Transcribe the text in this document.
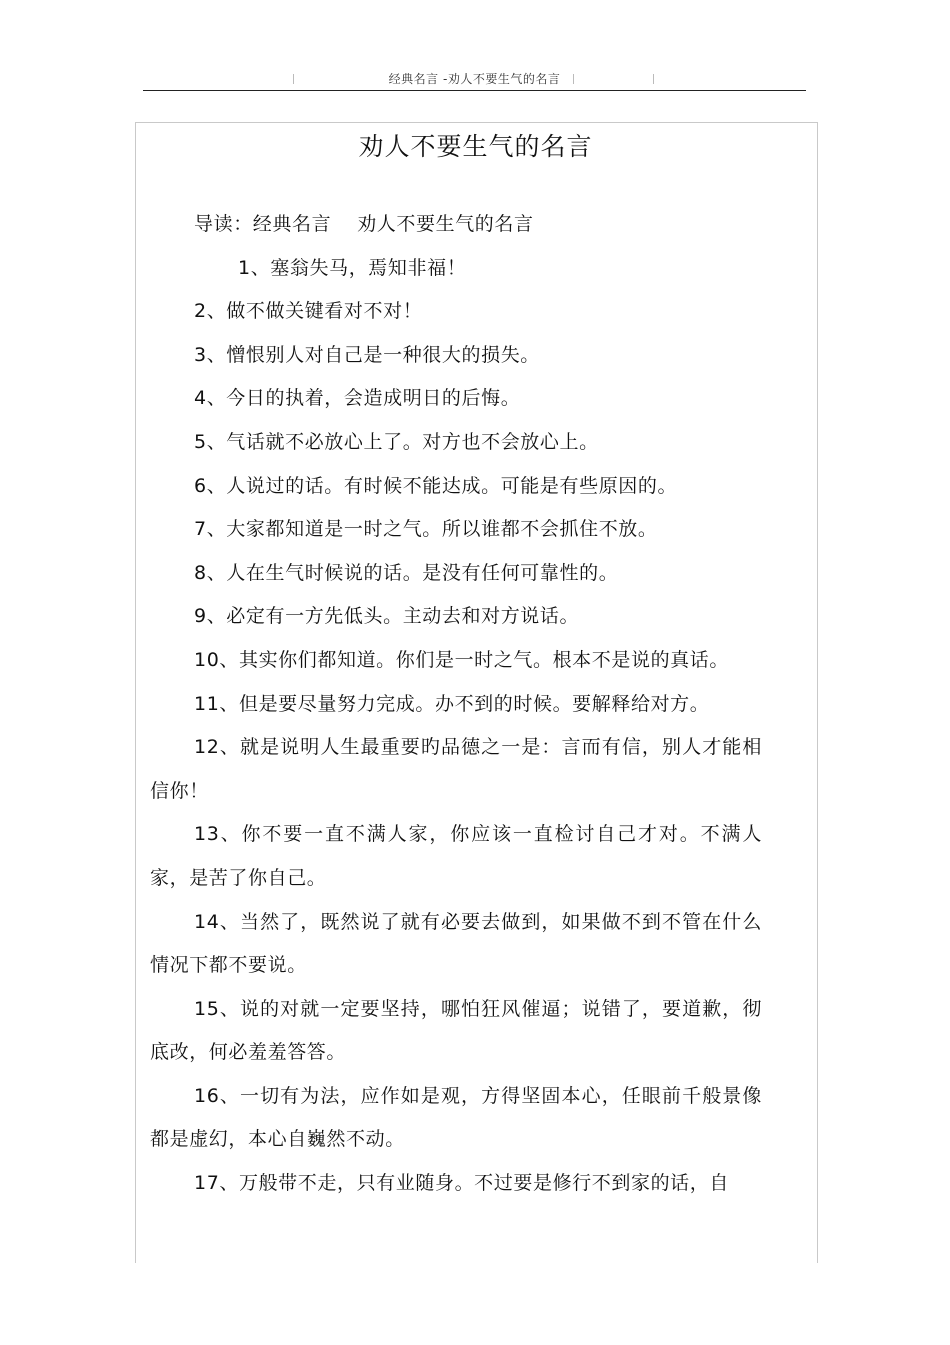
经典名言 -劝人不要生气的名言
劝人不要生气的名言

导读：经典名言 劝人不要生气的名言

1、塞翁失马，焉知非福！

2、做不做关键看对不对！

3、憎恨别人对自己是一种很大的损失。

4、今日的执着，会造成明日的后悔。

5、气话就不必放心上了。对方也不会放心上。

6、人说过的话。有时候不能达成。可能是有些原因的。

7、大家都知道是一时之气。所以谁都不会抓住不放。

8、人在生气时候说的话。是没有任何可靠性的。

9、必定有一方先低头。主动去和对方说话。

10、其实你们都知道。你们是一时之气。根本不是说的真话。

11、但是要尽量努力完成。办不到的时候。要解释给对方。

12、就是说明人生最重要旳品德之一是：言而有信，别人才能相信你！

13、你不要一直不满人家，你应该一直检讨自己才对。不满人家，是苦了你自己。

14、当然了，既然说了就有必要去做到，如果做不到不管在什么情况下都不要说。

15、说的对就一定要坚持，哪怕狂风催逼；说错了，要道歉，彻底改，何必羞羞答答。

16、一切有为法，应作如是观，方得坚固本心，任眼前千般景像都是虚幻，本心自巍然不动。

17、万般带不走，只有业随身。不过要是修行不到家的话，自
